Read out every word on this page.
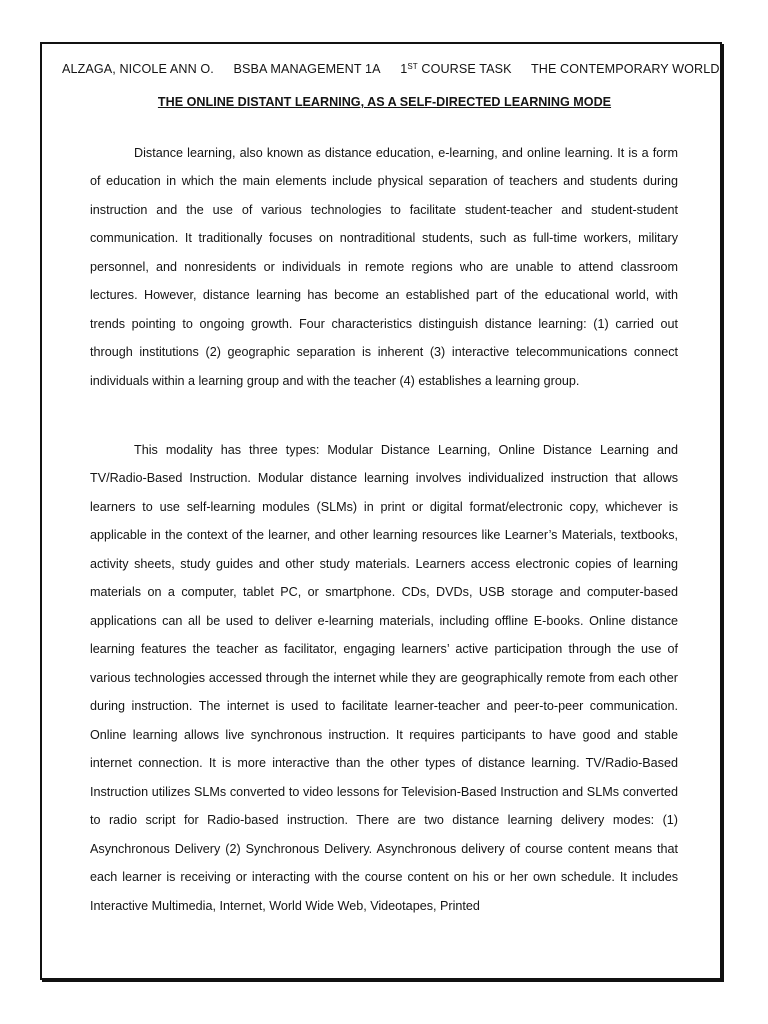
ALZAGA, NICOLE ANN O. BSBA MANAGEMENT 1A 1ST COURSE TASK THE CONTEMPORARY WORLD
THE ONLINE DISTANT LEARNING, AS A SELF-DIRECTED LEARNING MODE

Distance learning, also known as distance education, e-learning, and online learning. It is a form of education in which the main elements include physical separation of teachers and students during instruction and the use of various technologies to facilitate student-teacher and student-student communication. It traditionally focuses on nontraditional students, such as full-time workers, military personnel, and nonresidents or individuals in remote regions who are unable to attend classroom lectures. However, distance learning has become an established part of the educational world, with trends pointing to ongoing growth. Four characteristics distinguish distance learning: (1) carried out through institutions (2) geographic separation is inherent (3) interactive telecommunications connect individuals within a learning group and with the teacher (4) establishes a learning group.

This modality has three types: Modular Distance Learning, Online Distance Learning and TV/Radio-Based Instruction. Modular distance learning involves individualized instruction that allows learners to use self-learning modules (SLMs) in print or digital format/electronic copy, whichever is applicable in the context of the learner, and other learning resources like Learner’s Materials, textbooks, activity sheets, study guides and other study materials. Learners access electronic copies of learning materials on a computer, tablet PC, or smartphone. CDs, DVDs, USB storage and computer-based applications can all be used to deliver e-learning materials, including offline E-books. Online distance learning features the teacher as facilitator, engaging learners’ active participation through the use of various technologies accessed through the internet while they are geographically remote from each other during instruction. The internet is used to facilitate learner-teacher and peer-to-peer communication. Online learning allows live synchronous instruction. It requires participants to have good and stable internet connection. It is more interactive than the other types of distance learning. TV/Radio-Based Instruction utilizes SLMs converted to video lessons for Television-Based Instruction and SLMs converted to radio script for Radio-based instruction. There are two distance learning delivery modes: (1) Asynchronous Delivery (2) Synchronous Delivery. Asynchronous delivery of course content means that each learner is receiving or interacting with the course content on his or her own schedule. It includes Interactive Multimedia, Internet, World Wide Web, Videotapes, Printed
